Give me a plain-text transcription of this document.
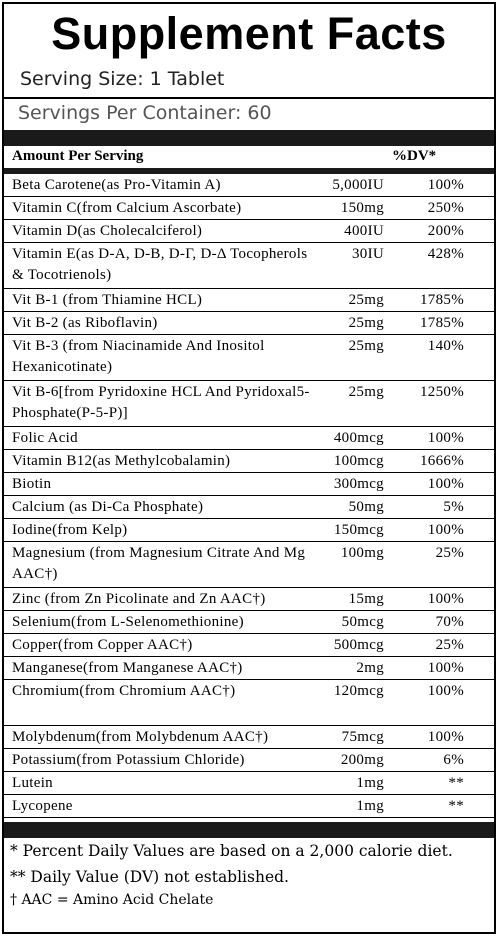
Supplement Facts
Serving Size: 1 Tablet
Servings Per Container: 60
Amount Per Serving	%DV*
Beta Carotene(as Pro-Vitamin A)	5,000IU	100%
Vitamin C(from Calcium Ascorbate)	150mg	250%
Vitamin D(as Cholecalciferol)	400IU	200%
Vitamin E(as D-A, D-B, D-Γ, D-Δ Tocopherols & Tocotrienols)
30IU	428%
Vit B-1 (from Thiamine HCL)	25mg 1785%
Vit B-2 (as Riboflavin)	25mg 1785%
Vit B-3 (from Niacinamide And Inositol Hexanicotinate)
25mg	140%
Vit B-6[from Pyridoxine HCL And Pyridoxal5-Phosphate(P-5-P)]
25mg 1250%
Folic Acid	400mcg	100%
Vitamin B12(as Methylcobalamin)	100mcg 1666%
Biotin	300mcg	100%
Calcium (as Di-Ca Phosphate)	50mg	5%
Iodine(from Kelp)	150mcg	100%
Magnesium (from Magnesium Citrate And Mg AAC†)
100mg	25%
Zinc (from Zn Picolinate and Zn AAC†)	15mg	100%
Selenium(from L-Selenomethionine)	50mcg	70%
Copper(from Copper AAC†)	500mcg	25%
Manganese(from Manganese AAC†)	2mg	100%
Chromium(from Chromium AAC†)	120mcg	100%
Molybdenum(from Molybdenum AAC†)	75mcg	100%
Potassium(from Potassium Chloride)	200mg	6%
Lutein	1mg	**
Lycopene	1mg	**
* Percent Daily Values are based on a 2,000 calorie diet.
** Daily Value (DV) not established.
† AAC = Amino Acid Chelate
